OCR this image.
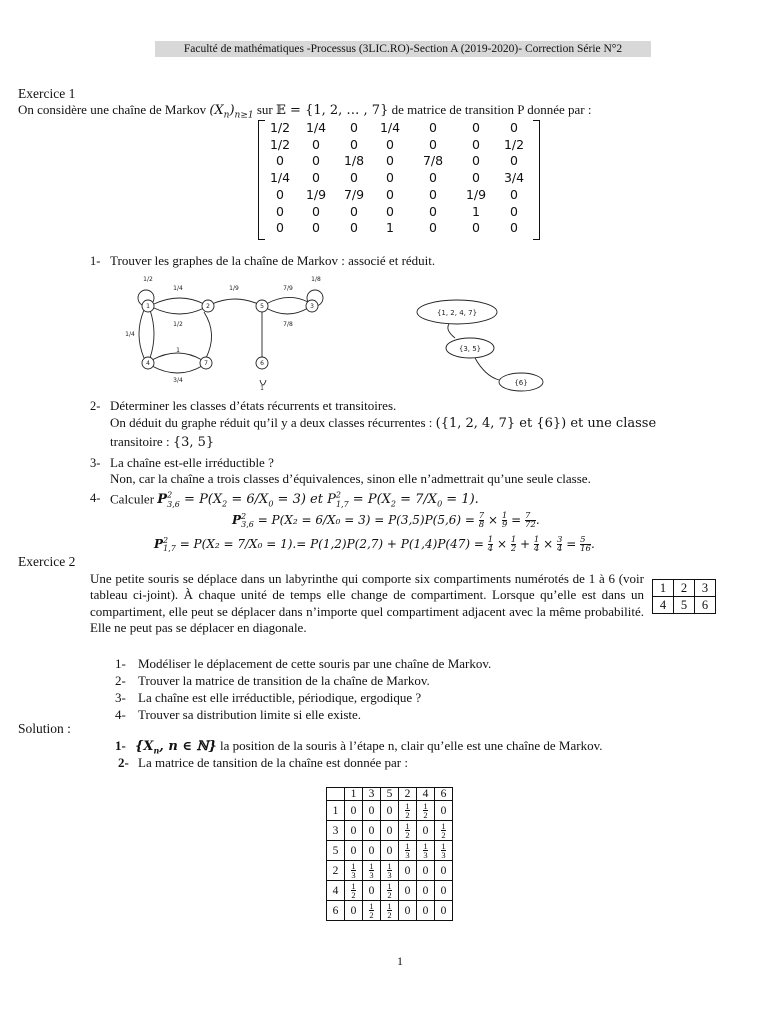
Faculté de mathématiques -Processus (3LIC.RO)-Section A (2019-2020)- Correction Série N°2
Exercice 1
On considère une chaîne de Markov $(X_n)_{n\ge 1}$ sur 𝔼 = {1, 2, … , 7} de matrice de transition P donnée par :
1/2	1/4	0	1/4	0	0	0
1/2	0	0	0	0	0	1/2
0	0	1/8	0	7/8	0	0
1/4	0	0	0	0	0	3/4
0	1/9	7/9	0	0	1/9	0
0	0	0	0	0	1	0
0	0	0	1	0	0	0
1- Trouver les graphes de la chaîne de Markov : associé et réduit.
1	2	5	3
4	7	6
1/2
1/4	1/9	7/9
1/8
1/2	7/8
1/4
1
3/4
1
{1, 2, 4, 7}
{3, 5}
{6}
2- Déterminer les classes d’états récurrents et transitoires.
On déduit du graphe réduit qu’il y a deux classes récurrentes : ({1, 2, 4, 7} et {6}) et une classe
transitoire : {3, 5}
3- La chaîne est-elle irréductible ?
Non, car la chaîne a trois classes d’équivalences, sinon elle n’admettrait qu’une seule classe.
4- Calculer $P^2_{3,6} = P(X_2 = 6/X_0 = 3)$ et $P^2_{1,7} = P(X_2 = 7/X_0 = 1)$.
$P^2_{3,6} = P(X_2 = 6/X_0 = 3) = P(3,5)P(5,6) = \frac{7}{8} \times \frac{1}{9} = \frac{7}{72}$ .
$P^2_{1,7} = P(X_2 = 7/X_0 = 1).= P(1,2)P(2,7) + P(1,4)P(47) = \frac{1}{4} \times \frac{1}{2} + \frac{1}{4} \times \frac{3}{4} = \frac{5}{16}$ .
Exercice 2
Une petite souris se déplace dans un labyrinthe qui comporte six compartiments numérotés de 1 à 6 (voir tableau ci-joint). À chaque unité de temps elle change de compartiment. Lorsque qu’elle est dans un compartiment, elle peut se déplacer dans n’importe quel compartiment adjacent avec la même probabilité. Elle ne peut pas se déplacer en diagonale.
1	2	3
4	5	6
1- Modéliser le déplacement de cette souris par une chaîne de Markov.
2- Trouver la matrice de transition de la chaîne de Markov.
3- La chaîne est elle irréductible, périodique, ergodique ?
4- Trouver sa distribution limite si elle existe.
Solution :
1- {$X_n$, n ∈ ℕ} la position de la souris à l’étape n, clair qu’elle est une chaîne de Markov.
2- La matrice de tansition de la chaîne est donnée par :
	1	3	5	2	4	6
1	0	0	0	$\frac{1}{2}$	$\frac{1}{2}$	0
3	0	0	0	$\frac{1}{2}$	0	$\frac{1}{2}$

5	0	0	0	$\frac{1}{3}$	$\frac{1}{3}$	$\frac{1}{3}$

2	$\frac{1}{3}$	$\frac{1}{3}$	$\frac{1}{3}$	0	0	0
4	$\frac{1}{2}$	0	$\frac{1}{2}$	0	0	0
6	0	$\frac{1}{2}$	$\frac{1}{2}$	0	0	0
1
